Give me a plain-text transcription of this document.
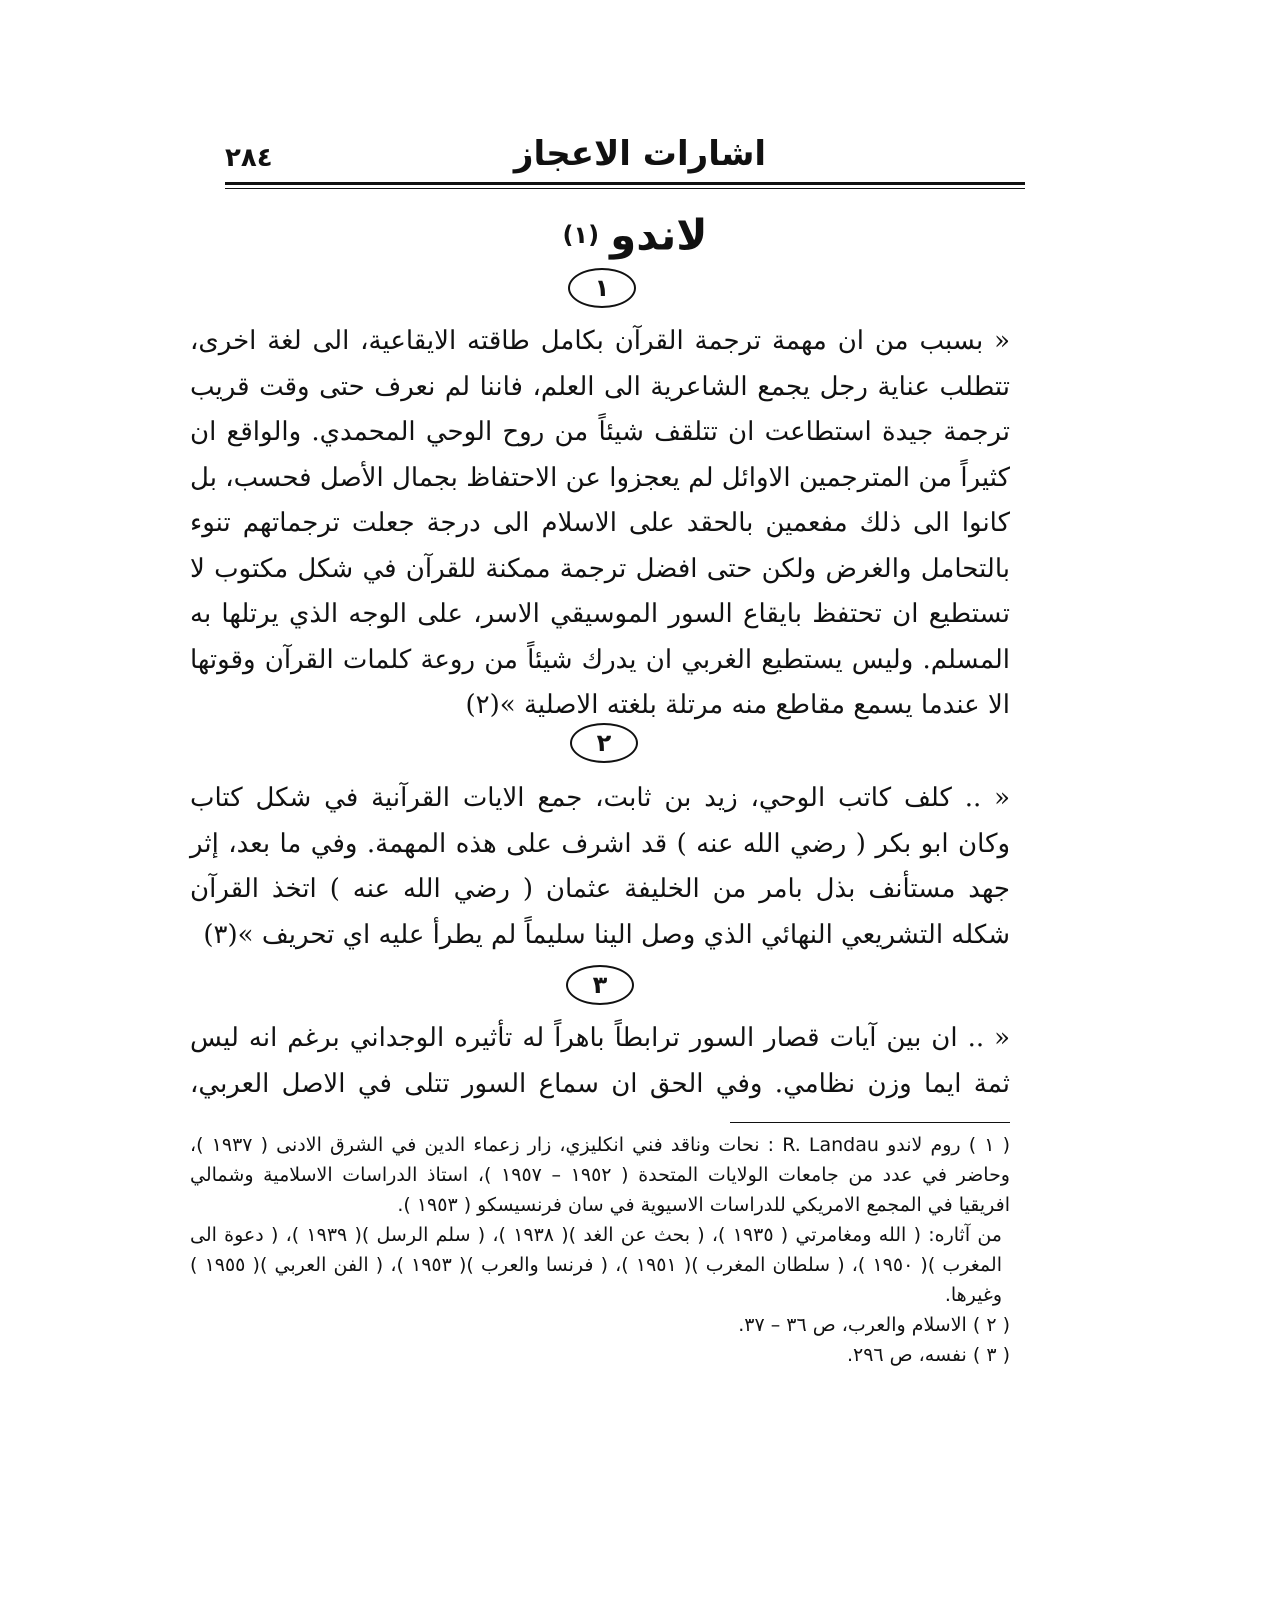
اشارات الاعجاز
٢٨٤
لاندو (١)
١

« بسبب من ان مهمة ترجمة القرآن بكامل طاقته الايقاعية، الى لغة اخرى، تتطلب عناية رجل يجمع الشاعرية الى العلم، فاننا لم نعرف حتى وقت قريب ترجمة جيدة استطاعت ان تتلقف شيئاً من روح الوحي المحمدي. والواقع ان كثيراً من المترجمين الاوائل لم يعجزوا عن الاحتفاظ بجمال الأصل فحسب، بل كانوا الى ذلك مفعمين بالحقد على الاسلام الى درجة جعلت ترجماتهم تنوء بالتحامل والغرض ولكن حتى افضل ترجمة ممكنة للقرآن في شكل مكتوب لا تستطيع ان تحتفظ بايقاع السور الموسيقي الاسر، على الوجه الذي يرتلها به المسلم. وليس يستطيع الغربي ان يدرك شيئاً من روعة كلمات القرآن وقوتها الا عندما يسمع مقاطع منه مرتلة بلغته الاصلية »(٢)

٢

« .. كلف كاتب الوحي، زيد بن ثابت، جمع الايات القرآنية في شكل كتاب وكان ابو بكر ( رضي الله عنه ) قد اشرف على هذه المهمة. وفي ما بعد، إثر جهد مستأنف بذل بامر من الخليفة عثمان ( رضي الله عنه ) اتخذ القرآن شكله التشريعي النهائي الذي وصل الينا سليماً لم يطرأ عليه اي تحريف »(٣)

٣

« .. ان بين آيات قصار السور ترابطاً باهراً له تأثيره الوجداني برغم انه ليس ثمة ايما وزن نظامي. وفي الحق ان سماع السور تتلى في الاصل العربي،

( ١ ) روم لاندو R. Landau : نحات وناقد فني انكليزي، زار زعماء الدين في الشرق الادنى ( ١٩٣٧ )، وحاضر في عدد من جامعات الولايات المتحدة ( ١٩٥٢ – ١٩٥٧ )، استاذ الدراسات الاسلامية وشمالي افريقيا في المجمع الامريكي للدراسات الاسيوية في سان فرنسيسكو ( ١٩٥٣ ).

من آثاره: ( الله ومغامرتي ( ١٩٣٥ )، ( بحث عن الغد )( ١٩٣٨ )، ( سلم الرسل )( ١٩٣٩ )، ( دعوة الى المغرب )( ١٩٥٠ )، ( سلطان المغرب )( ١٩٥١ )، ( فرنسا والعرب )( ١٩٥٣ )، ( الفن العربي )( ١٩٥٥ ) وغيرها.

( ٢ ) الاسلام والعرب، ص ٣٦ – ٣٧.

( ٣ ) نفسه، ص ٢٩٦.
